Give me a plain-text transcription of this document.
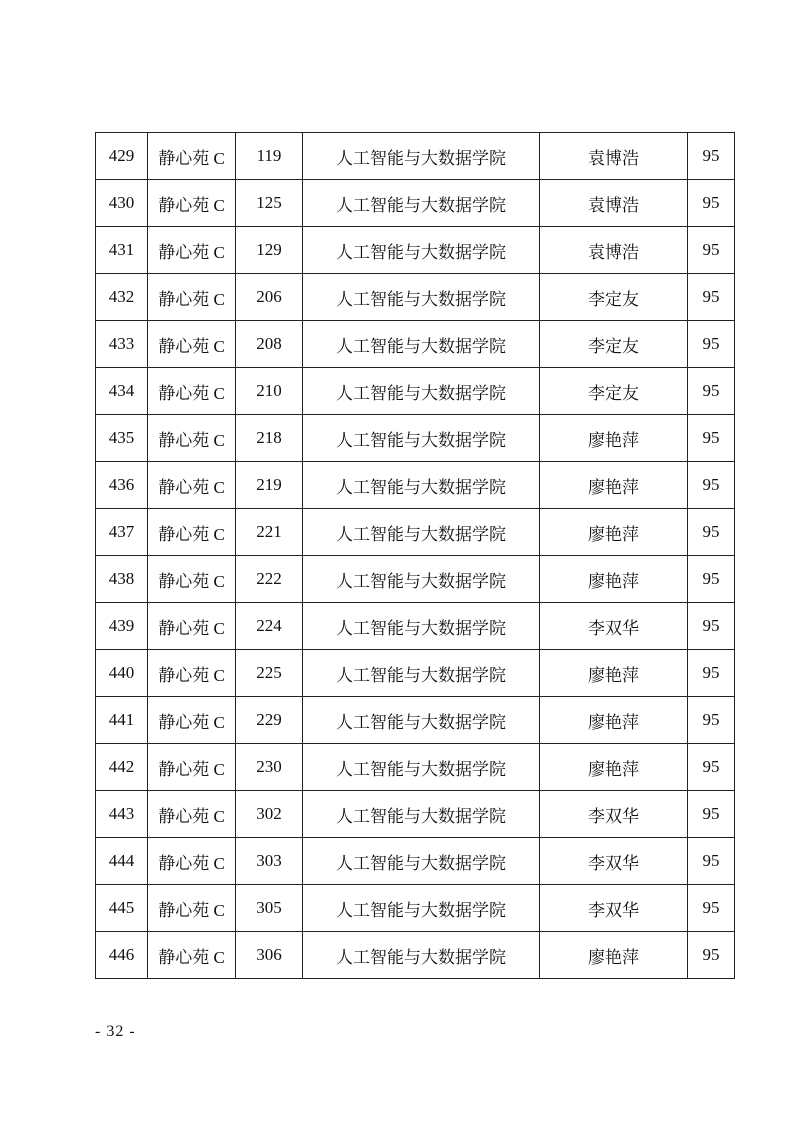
429	静心苑 C	119	人工智能与大数据学院	袁博浩	95
430	静心苑 C	125	人工智能与大数据学院	袁博浩	95
431	静心苑 C	129	人工智能与大数据学院	袁博浩	95
432	静心苑 C	206	人工智能与大数据学院	李定友	95
433	静心苑 C	208	人工智能与大数据学院	李定友	95
434	静心苑 C	210	人工智能与大数据学院	李定友	95
435	静心苑 C	218	人工智能与大数据学院	廖艳萍	95
436	静心苑 C	219	人工智能与大数据学院	廖艳萍	95
437	静心苑 C	221	人工智能与大数据学院	廖艳萍	95
438	静心苑 C	222	人工智能与大数据学院	廖艳萍	95
439	静心苑 C	224	人工智能与大数据学院	李双华	95
440	静心苑 C	225	人工智能与大数据学院	廖艳萍	95
441	静心苑 C	229	人工智能与大数据学院	廖艳萍	95
442	静心苑 C	230	人工智能与大数据学院	廖艳萍	95
443	静心苑 C	302	人工智能与大数据学院	李双华	95
444	静心苑 C	303	人工智能与大数据学院	李双华	95
445	静心苑 C	305	人工智能与大数据学院	李双华	95
446	静心苑 C	306	人工智能与大数据学院	廖艳萍	95
- 32 -
